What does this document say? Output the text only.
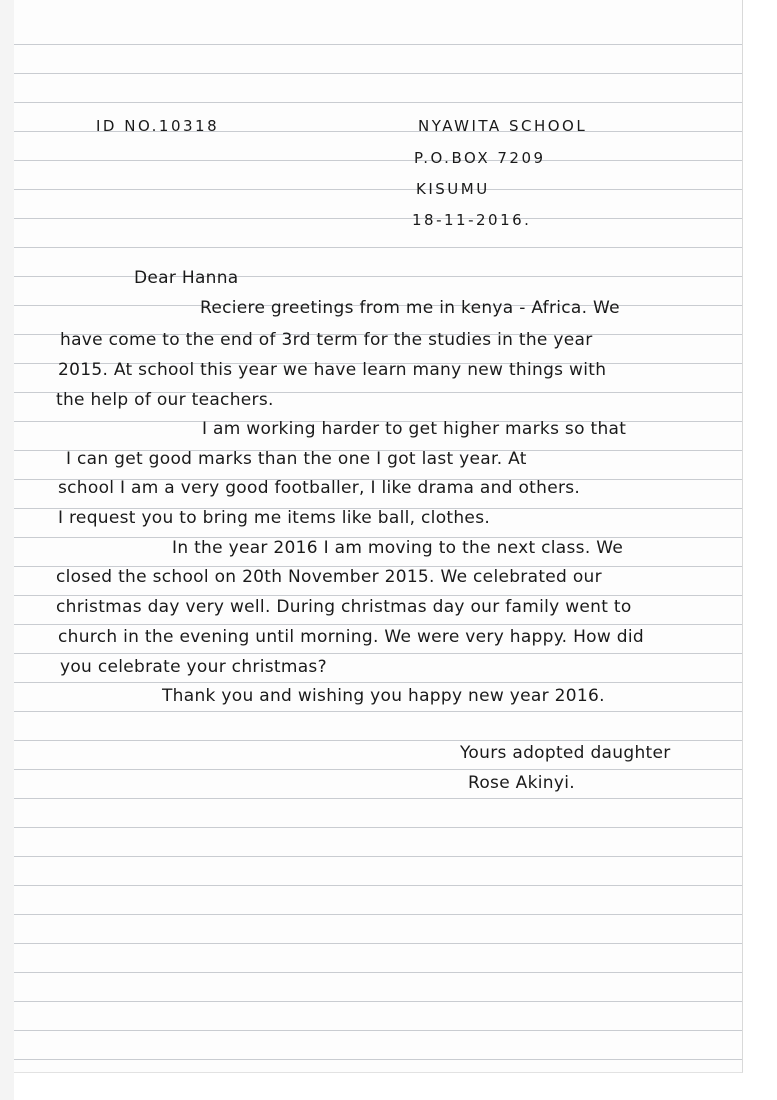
ID NO.10318	NYAWITA SCHOOL
P.O.BOX 7209
KISUMU
18-11-2016.
Dear Hanna
Reciere greetings from me in kenya - Africa. We
have come to the end of 3rd term for the studies in the year
2015. At school this year we have learn many new things with
the help of our teachers.
I am working harder to get higher marks so that
I can get good marks than the one I got last year. At
school I am a very good footballer, I like drama and others.
I request you to bring me items like ball, clothes.
In the year 2016 I am moving to the next class. We
closed the school on 20th November 2015. We celebrated our
christmas day very well. During christmas day our family went to
church in the evening until morning. We were very happy. How did
you celebrate your christmas?
Thank you and wishing you happy new year 2016.
Yours adopted daughter
Rose Akinyi.
